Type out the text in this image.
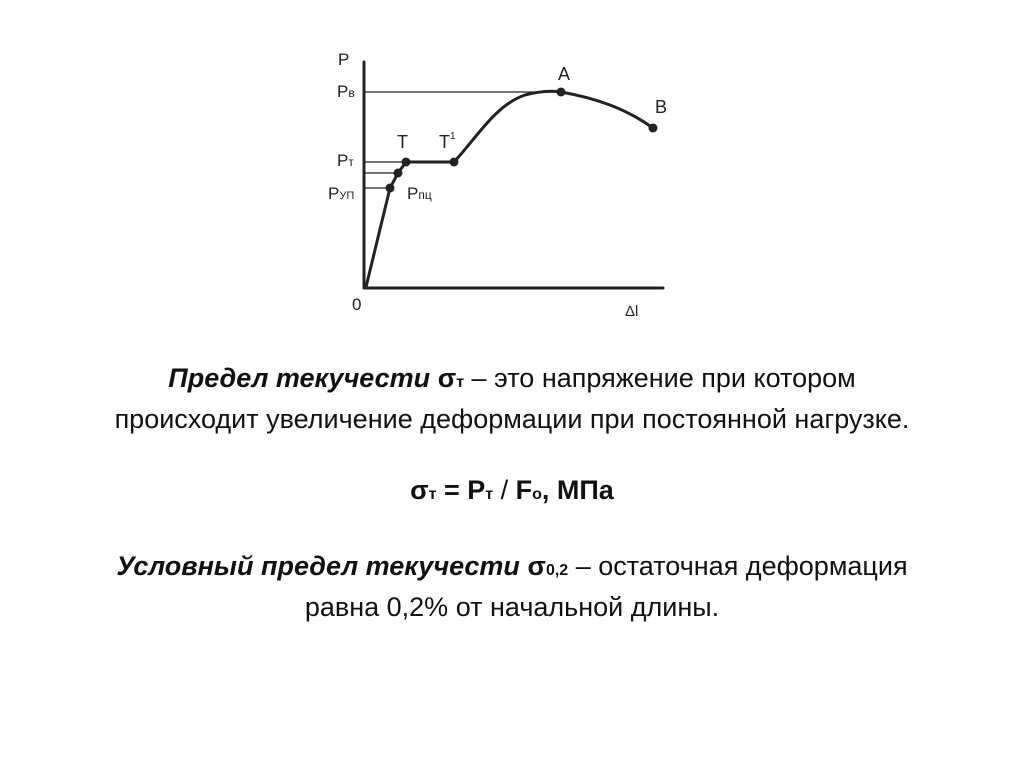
P
0	Δl
Pв
Pт
PУП	Pпц
T $T^1$
A
B
Предел текучести σт – это напряжение при котором
происходит увеличение деформации при постоянной нагрузке.
σт = Pт / Fo, МПа
Условный предел текучести σ0,2 – остаточная деформация
равна 0,2% от начальной длины.
